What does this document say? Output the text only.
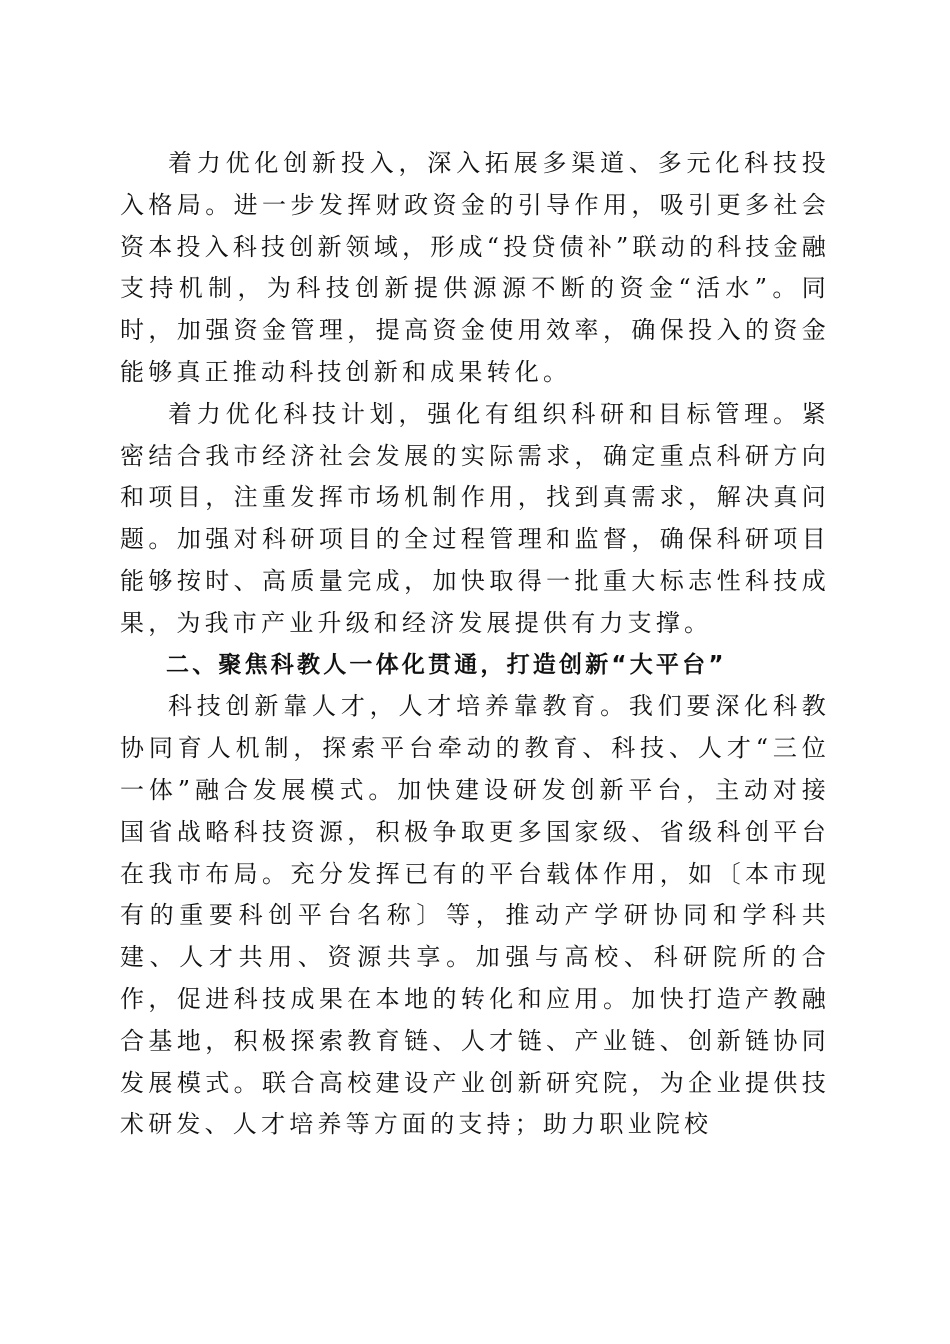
着力优化创新投入，深入拓展多渠道、多元化科技投入格局。进一步发挥财政资金的引导作用，吸引更多社会资本投入科技创新领域，形成“投贷债补”联动的科技金融支持机制，为科技创新提供源源不断的资金“活水”。同时，加强资金管理，提高资金使用效率，确保投入的资金能够真正推动科技创新和成果转化。

着力优化科技计划，强化有组织科研和目标管理。紧密结合我市经济社会发展的实际需求，确定重点科研方向和项目，注重发挥市场机制作用，找到真需求，解决真问题。加强对科研项目的全过程管理和监督，确保科研项目能够按时、高质量完成，加快取得一批重大标志性科技成果，为我市产业升级和经济发展提供有力支撑。

二、聚焦科教人一体化贯通，打造创新“大平台”

科技创新靠人才，人才培养靠教育。我们要深化科教协同育人机制，探索平台牵动的教育、科技、人才“三位一体”融合发展模式。加快建设研发创新平台，主动对接国省战略科技资源，积极争取更多国家级、省级科创平台在我市布局。充分发挥已有的平台载体作用，如〔本市现有的重要科创平台名称〕等，推动产学研协同和学科共建、人才共用、资源共享。加强与高校、科研院所的合作，促进科技成果在本地的转化和应用。加快打造产教融合基地，积极探索教育链、人才链、产业链、创新链协同发展模式。联合高校建设产业创新研究院，为企业提供技术研发、人才培养等方面的支持；助力职业院校
